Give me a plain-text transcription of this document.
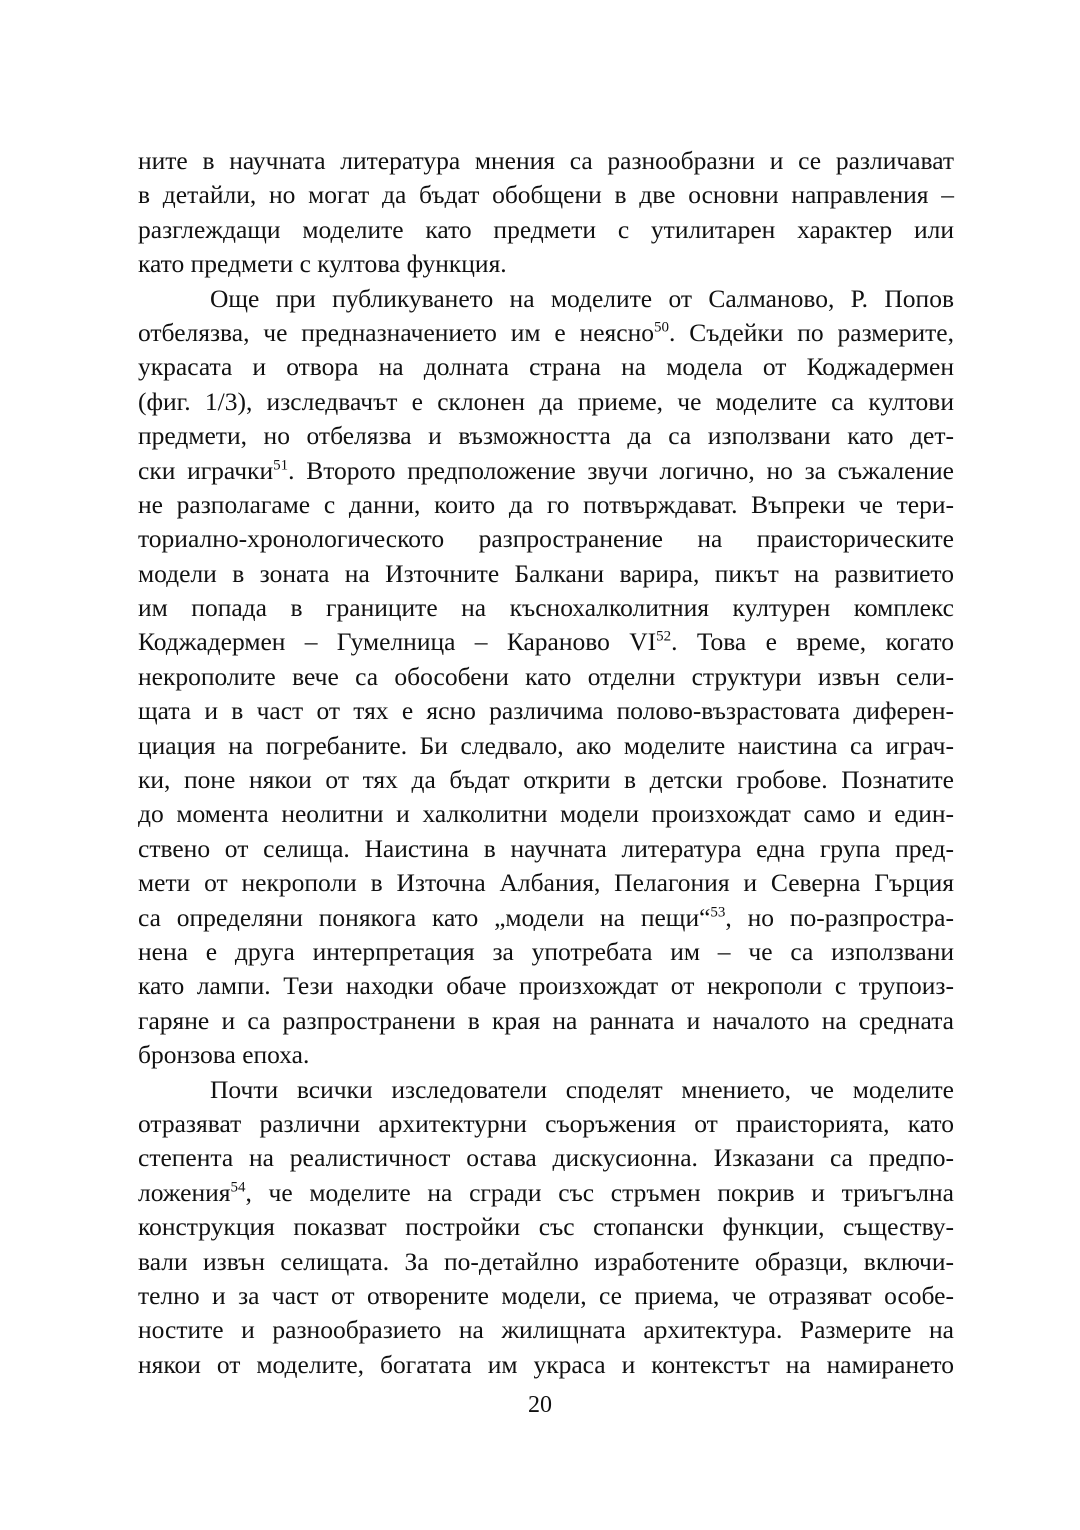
ните в научната литература мнения са разнообразни и се различават
в детайли, но могат да бъдат обобщени в две основни направления –
разглеждащи моделите като предмети с утилитарен характер или
като предмети с култова функция.
Още при публикуването на моделите от Салманово, Р. Попов
отбелязва, че предназначението им е неясно$^{50}$. Съдейки по размерите,
украсата и отвора на долната страна на модела от Коджадермен
(фиг. 1/3), изследвачът е склонен да приеме, че моделите са култови
предмети, но отбелязва и възможността да са използвани като дет-
ски играчки$^{51}$. Второто предположение звучи логично, но за съжаление
не разполагаме с данни, които да го потвърждават. Въпреки че тери-
ториално-хронологическото разпространение на праисторическите
модели в зоната на Източните Балкани варира, пикът на развитието
им попада в границите на къснохалколитния културен комплекс
Коджадермен – Гумелница – Караново VI$^{52}$. Това е време, когато
некрополите вече са обособени като отделни структури извън сели-
щата и в част от тях е ясно различима полово-възрастовата диферен-
циация на погребаните. Би следвало, ако моделите наистина са играч-
ки, поне някои от тях да бъдат открити в детски гробове. Познатите
до момента неолитни и халколитни модели произхождат само и един-
ствено от селища. Наистина в научната литература една група пред-
мети от некрополи в Източна Албания, Пелагония и Северна Гърция
са определяни понякога като „модели на пещи“$^{53}$, но по-разпростра-
нена е друга интерпретация за употребата им – че са използвани
като лампи. Тези находки обаче произхождат от некрополи с трупоиз-
гаряне и са разпространени в края на ранната и началото на средната
бронзова епоха.
Почти всички изследователи споделят мнението, че моделите
отразяват различни архитектурни съоръжения от праисторията, като
степента на реалистичност остава дискусионна. Изказани са предпо-
ложения$^{54}$, че моделите на сгради със стръмен покрив и триъгълна
конструкция показват постройки със стопански функции, съществу-
вали извън селищата. За по-детайлно изработените образци, включи-
телно и за част от отворените модели, се приема, че отразяват особе-
ностите и разнообразието на жилищната архитектура. Размерите на
някои от моделите, богатата им украса и контекстът на намирането
20
